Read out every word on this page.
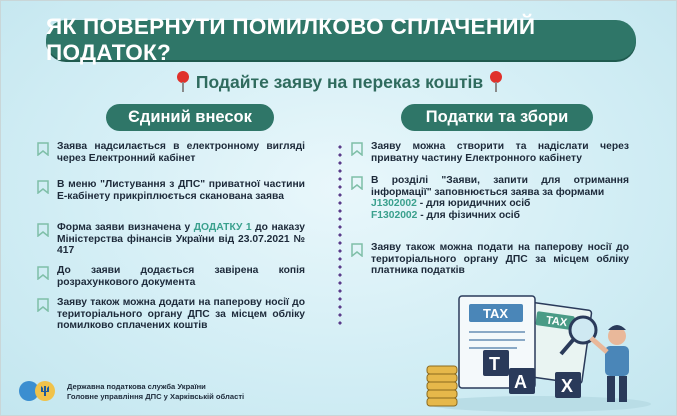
ЯК ПОВЕРНУТИ ПОМИЛКОВО СПЛАЧЕНИЙ ПОДАТОК?
Подайте заяву на переказ коштів
Єдиний внесок	Податки та збори
Заява надсилається в електронному вигляді через Електронний кабінет
В меню "Листування з ДПС" приватної частини Е-кабінету прикріплюється сканована заява
Форма заяви визначена у ДОДАТКУ 1 до наказу Міністерства фінансів України від 23.07.2021 № 417
До заяви додається завірена копія розрахункового документа
Заяву також можна додати на паперову носії до територіального органу ДПС за місцем обліку помилково сплачених коштів
Заяву можна створити та надіслати через приватну частину Електронного кабінету
В розділі "Заяви, запити для отримання інформації" заповнюється заява за формами
J1302002 - для юридичних осіб
F1302002 - для фізичних осіб
Заяву також можна подати на паперову носії до територіального органу ДПС за місцем обліку платника податків
TAX
TAX
T
A X
Державна податкова служба України
Головне управління ДПС у Харківській області
